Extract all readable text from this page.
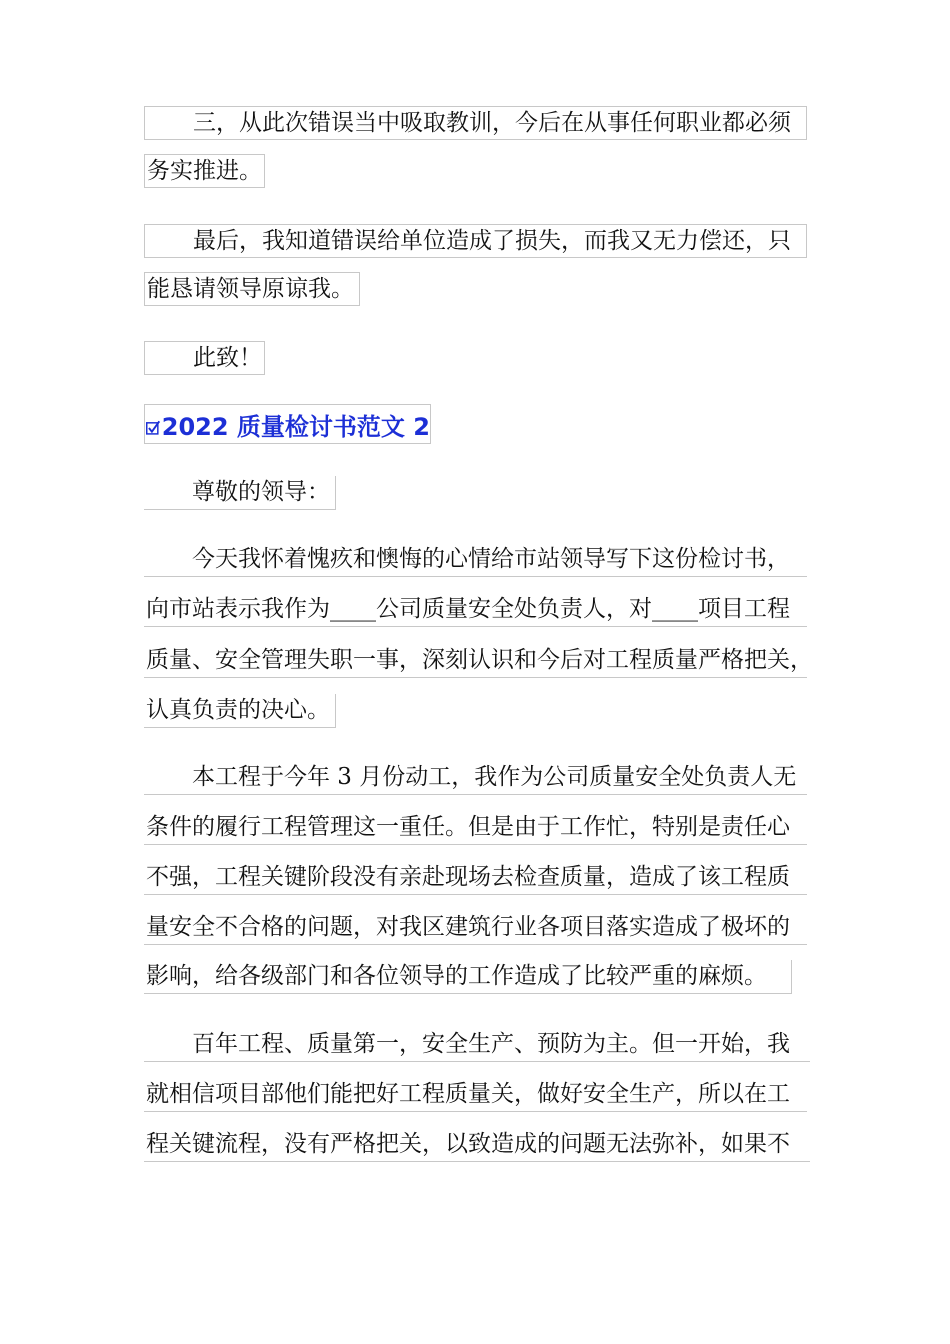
三，从此次错误当中吸取教训，今后在从事任何职业都必须
务实推进。
最后，我知道错误给单位造成了损失，而我又无力偿还，只
能恳请领导原谅我。
此致！
2022 质量检讨书范文 2
尊敬的领导：
今天我怀着愧疚和懊悔的心情给市站领导写下这份检讨书，
向市站表示我作为____公司质量安全处负责人，对____项目工程
质量、安全管理失职一事，深刻认识和今后对工程质量严格把关，
认真负责的决心。
本工程于今年 3 月份动工，我作为公司质量安全处负责人无
条件的履行工程管理这一重任。但是由于工作忙，特别是责任心
不强，工程关键阶段没有亲赴现场去检查质量，造成了该工程质
量安全不合格的问题，对我区建筑行业各项目落实造成了极坏的
影响，给各级部门和各位领导的工作造成了比较严重的麻烦。
百年工程、质量第一，安全生产、预防为主。但一开始，我
就相信项目部他们能把好工程质量关，做好安全生产，所以在工
程关键流程，没有严格把关，以致造成的问题无法弥补，如果不
